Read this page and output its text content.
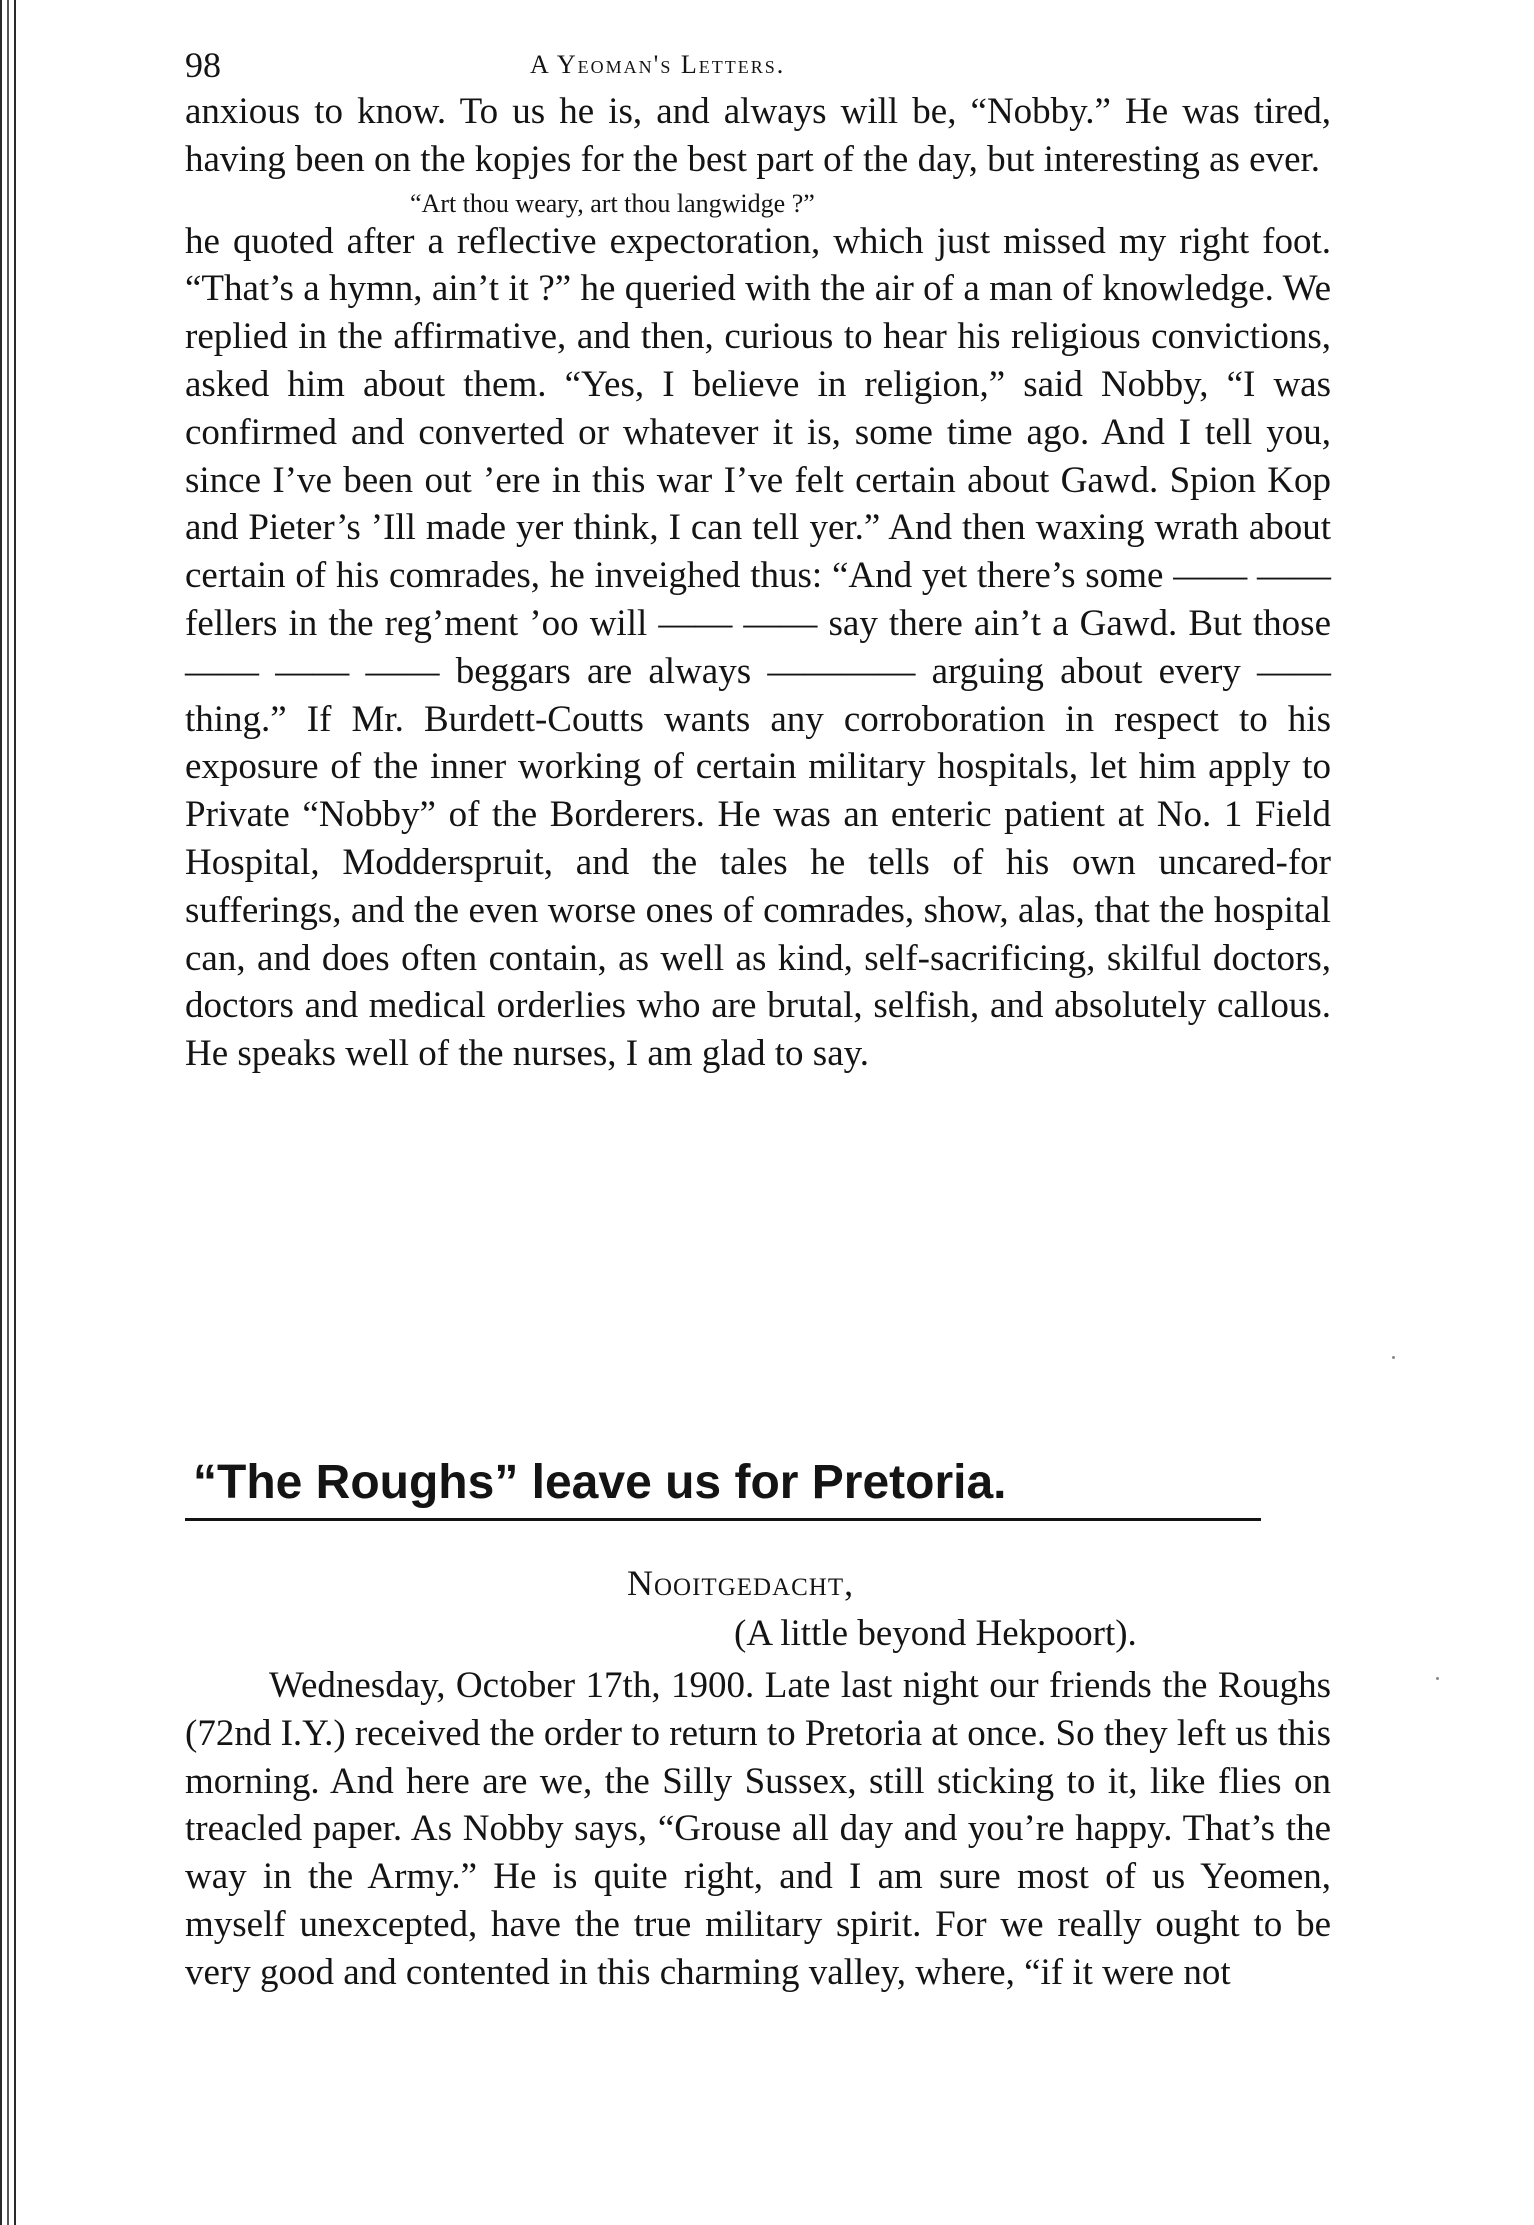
98	A Yeoman's Letters.

anxious to know. To us he is, and always will be, “Nobby.” He was tired, having been on the kopjes for the best part of the day, but interesting as ever.

“Art thou weary, art thou langwidge ?”

he quoted after a reflective expectoration, which just missed my right foot. “That’s a hymn, ain’t it ?” he queried with the air of a man of knowledge. We replied in the affirmative, and then, curious to hear his religious convictions, asked him about them. “Yes, I believe in religion,” said Nobby, “I was confirmed and converted or whatever it is, some time ago. And I tell you, since I’ve been out ’ere in this war I’ve felt certain about Gawd. Spion Kop and Pieter’s ’Ill made yer think, I can tell yer.” And then waxing wrath about certain of his comrades, he inveighed thus: “And yet there’s some —— —— fellers in the reg’ment ’oo will —— —— say there ain’t a Gawd. But those —— —— —— beggars are always ———— arguing about every —— thing.” If Mr. Burdett-Coutts wants any corroboration in respect to his exposure of the inner working of certain military hospitals, let him apply to Private “Nobby” of the Borderers. He was an enteric patient at No. 1 Field Hospital, Modderspruit, and the tales he tells of his own uncared-for sufferings, and the even worse ones of comrades, show, alas, that the hospital can, and does often contain, as well as kind, self-sacrificing, skilful doctors, doctors and medical orderlies who are brutal, selfish, and absolutely callous. He speaks well of the nurses, I am glad to say.

“The Roughs” leave us for Pretoria.
Nooitgedacht,
(A little beyond Hekpoort).

Wednesday, October 17th, 1900. Late last night our friends the Roughs (72nd I.Y.) received the order to return to Pretoria at once. So they left us this morning. And here are we, the Silly Sussex, still sticking to it, like flies on treacled paper. As Nobby says, “Grouse all day and you’re happy. That’s the way in the Army.” He is quite right, and I am sure most of us Yeomen, myself unexcepted, have the true military spirit. For we really ought to be very good and contented in this charming valley, where, “if it were not
